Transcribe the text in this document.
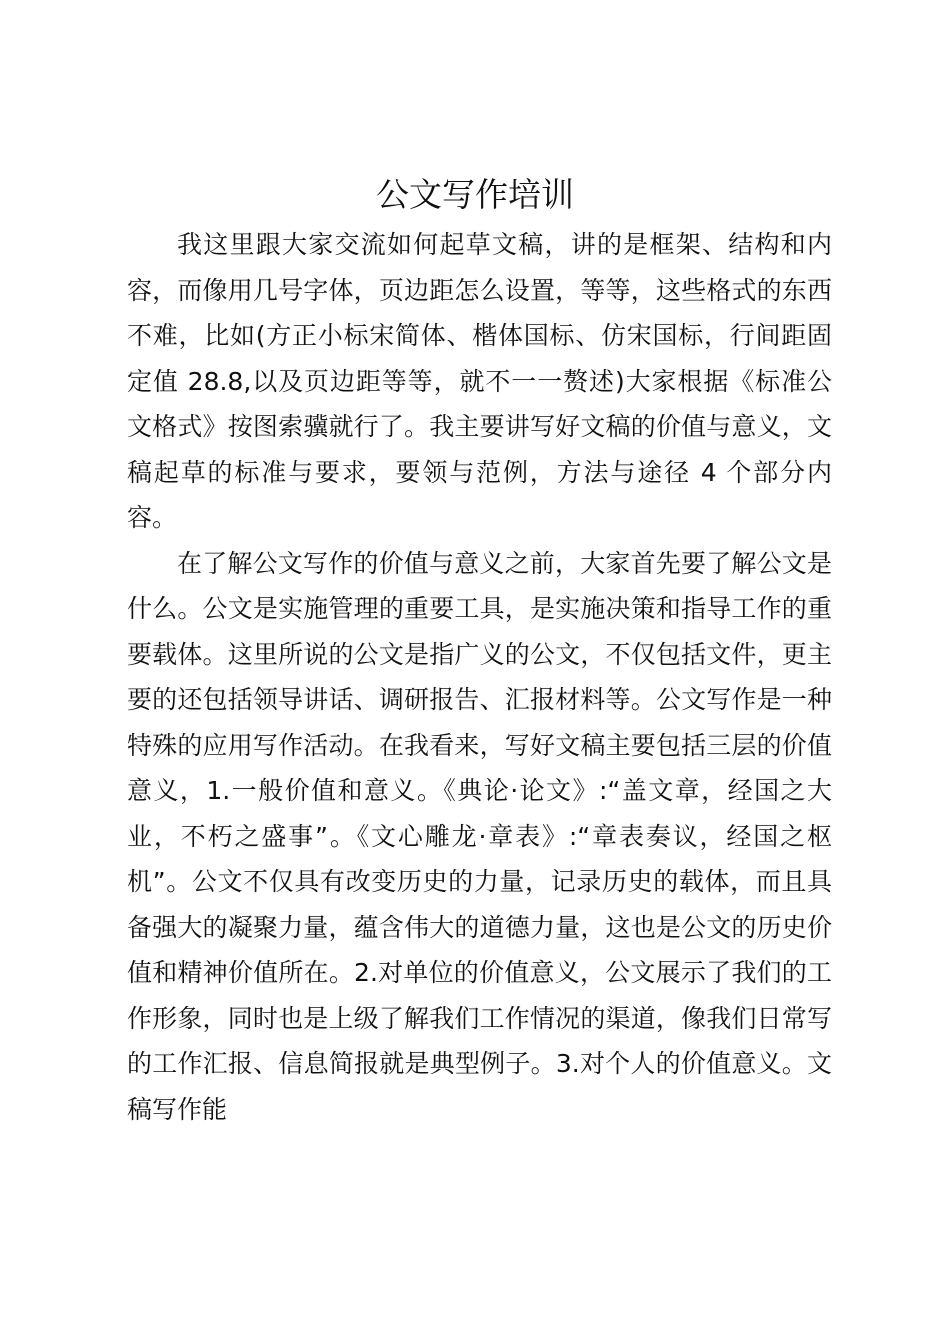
公文写作培训

我这里跟大家交流如何起草文稿，讲的是框架、结构和内容，而像用几号字体，页边距怎么设置，等等，这些格式的东西不难，比如(方正小标宋简体、楷体国标、仿宋国标，行间距固定值 28.8,以及页边距等等，就不一一赘述)大家根据《标准公文格式》按图索骥就行了。我主要讲写好文稿的价值与意义，文稿起草的标准与要求，要领与范例，方法与途径 4 个部分内容。

在了解公文写作的价值与意义之前，大家首先要了解公文是什么。公文是实施管理的重要工具，是实施决策和指导工作的重要载体。这里所说的公文是指广义的公文，不仅包括文件，更主要的还包括领导讲话、调研报告、汇报材料等。公文写作是一种特殊的应用写作活动。在我看来，写好文稿主要包括三层的价值意义，1.一般价值和意义。《典论·论文》:“盖文章，经国之大业，不朽之盛事”。《文心雕龙·章表》:“章表奏议，经国之枢机”。公文不仅具有改变历史的力量，记录历史的载体，而且具备强大的凝聚力量，蕴含伟大的道德力量，这也是公文的历史价值和精神价值所在。2.对单位的价值意义，公文展示了我们的工作形象，同时也是上级了解我们工作情况的渠道，像我们日常写的工作汇报、信息简报就是典型例子。3.对个人的价值意义。文稿写作能
